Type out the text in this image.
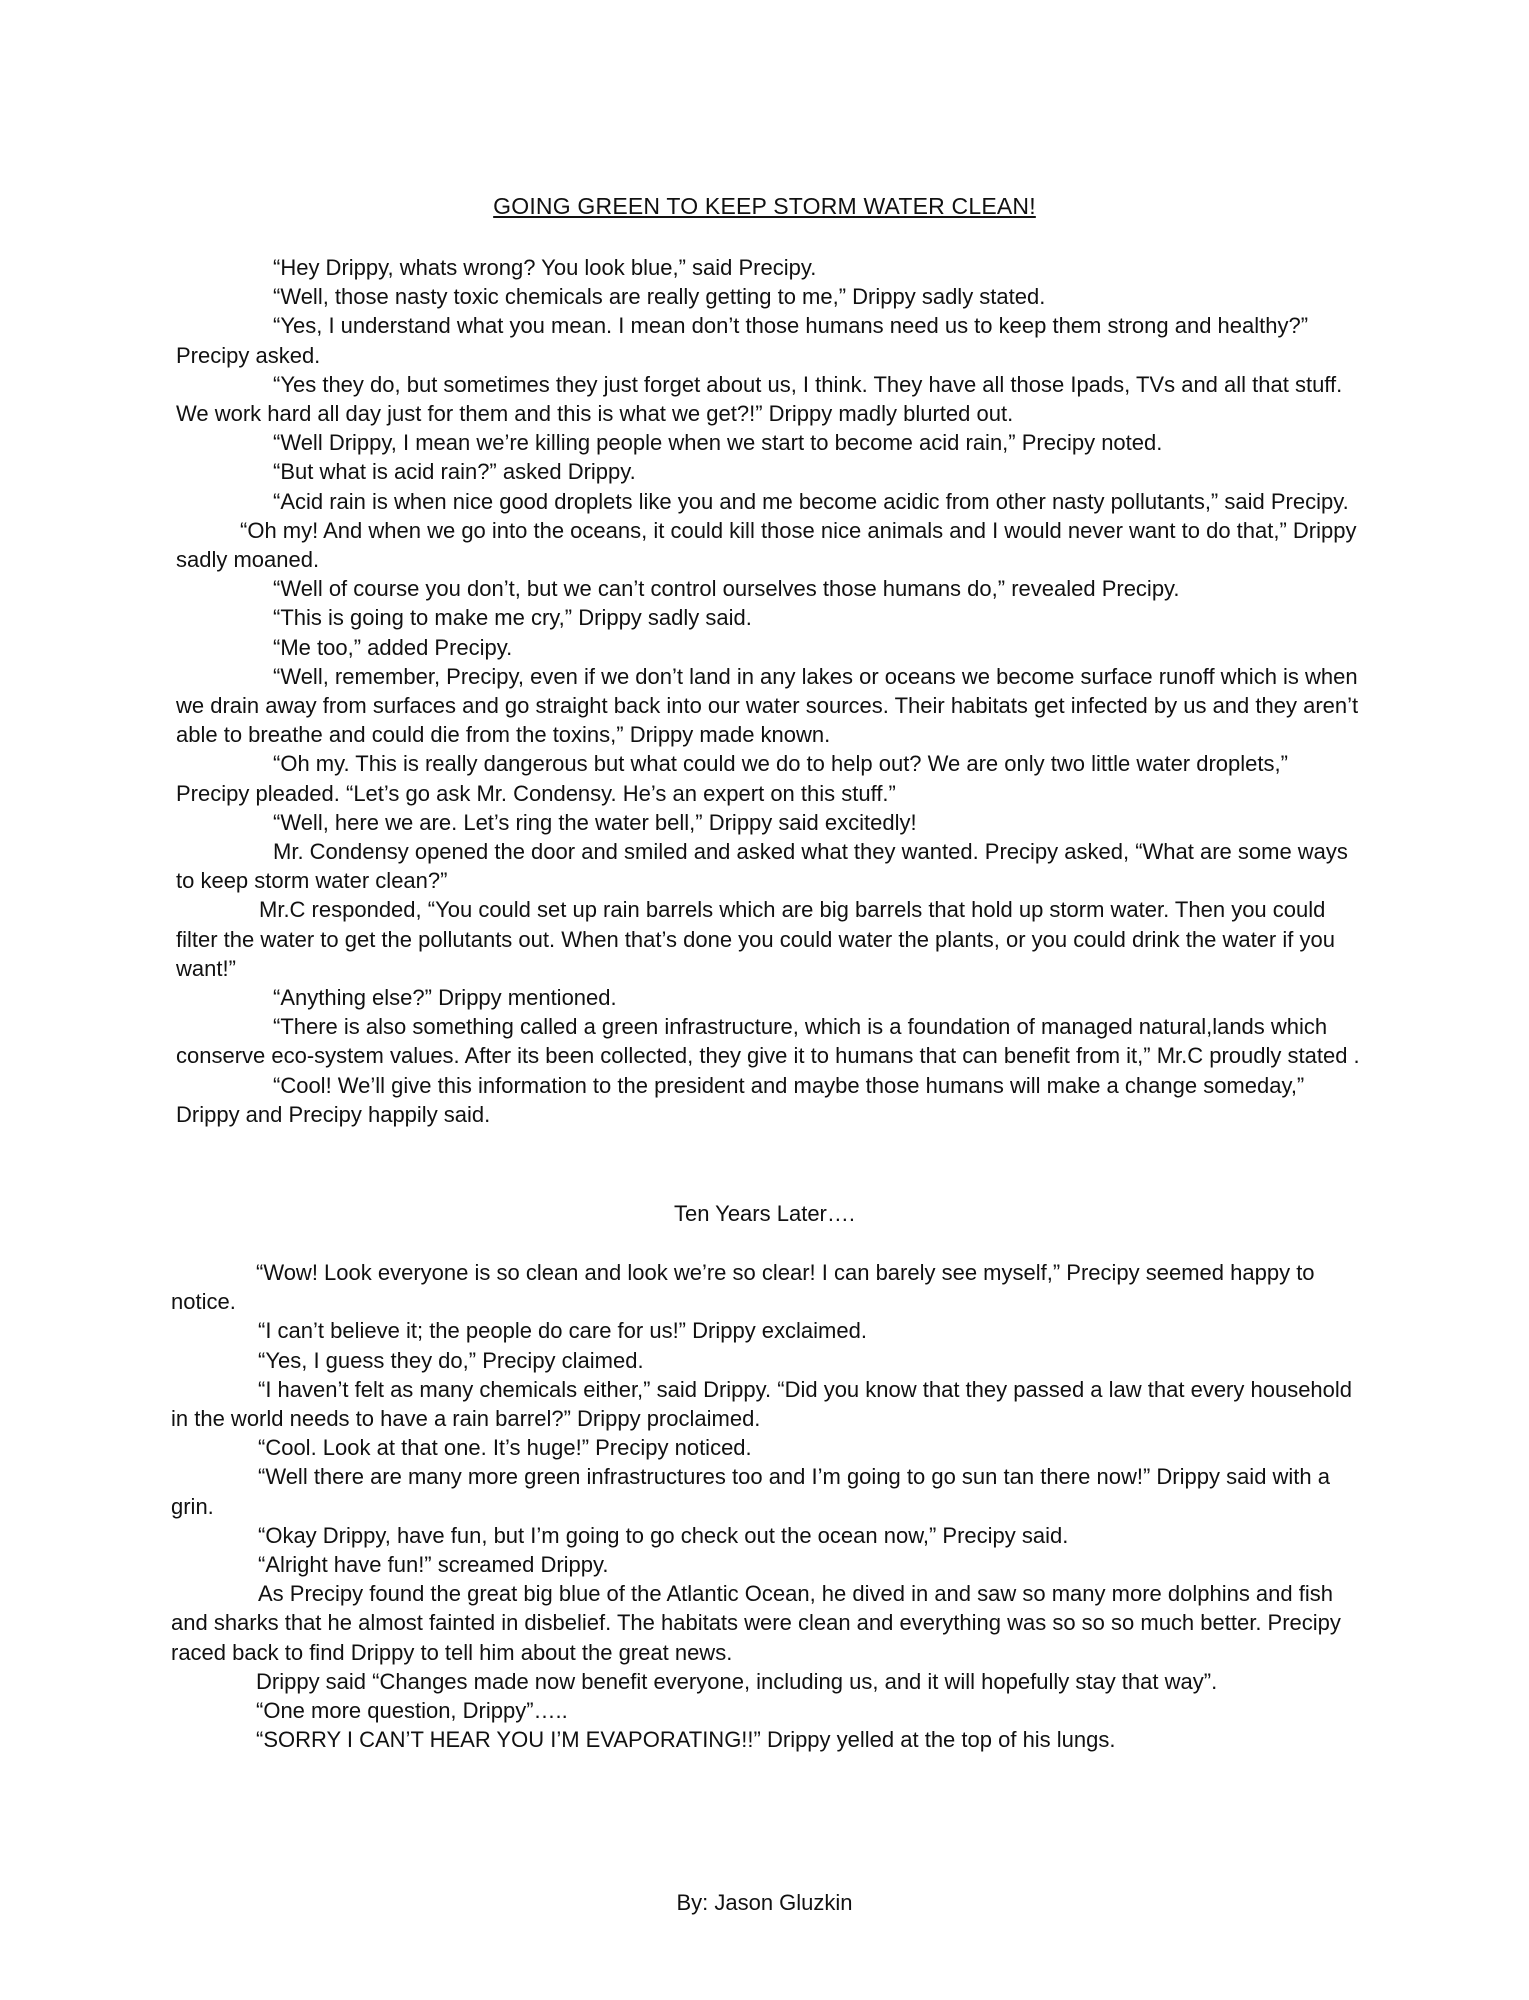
GOING GREEN TO KEEP STORM WATER CLEAN!

“Hey Drippy, whats wrong? You look blue,” said Precipy.

“Well, those nasty toxic chemicals are really getting to me,” Drippy sadly stated.

“Yes, I understand what you mean. I mean don’t those humans need us to keep them strong and healthy?” Precipy asked.

“Yes they do, but sometimes they just forget about us, I think. They have all those Ipads, TVs and all that stuff. We work hard all day just for them and this is what we get?!” Drippy madly blurted out.

“Well Drippy, I mean we’re killing people when we start to become acid rain,” Precipy noted.

“But what is acid rain?” asked Drippy.

“Acid rain is when nice good droplets like you and me become acidic from other nasty pollutants,” said Precipy.

“Oh my! And when we go into the oceans, it could kill those nice animals and I would never want to do that,” Drippy sadly moaned.

“Well of course you don’t, but we can’t control ourselves those humans do,” revealed Precipy.

“This is going to make me cry,” Drippy sadly said.

“Me too,” added Precipy.

“Well, remember, Precipy, even if we don’t land in any lakes or oceans we become surface runoff which is when we drain away from surfaces and go straight back into our water sources. Their habitats get infected by us and they aren’t able to breathe and could die from the toxins,” Drippy made known.

“Oh my. This is really dangerous but what could we do to help out? We are only two little water droplets,” Precipy pleaded. “Let’s go ask Mr. Condensy. He’s an expert on this stuff.”

“Well, here we are. Let’s ring the water bell,” Drippy said excitedly!

Mr. Condensy opened the door and smiled and asked what they wanted. Precipy asked, “What are some ways to keep storm water clean?”

Mr.C responded, “You could set up rain barrels which are big barrels that hold up storm water. Then you could filter the water to get the pollutants out. When that’s done you could water the plants, or you could drink the water if you want!”

“Anything else?” Drippy mentioned.

“There is also something called a green infrastructure, which is a foundation of managed natural,lands which conserve eco-system values. After its been collected, they give it to humans that can benefit from it,” Mr.C proudly stated .

“Cool! We’ll give this information to the president and maybe those humans will make a change someday,” Drippy and Precipy happily said.

Ten Years Later….

“Wow! Look everyone is so clean and look we’re so clear! I can barely see myself,” Precipy seemed happy to notice.

“I can’t believe it; the people do care for us!” Drippy exclaimed.

“Yes, I guess they do,” Precipy claimed.

“I haven’t felt as many chemicals either,” said Drippy. “Did you know that they passed a law that every household in the world needs to have a rain barrel?” Drippy proclaimed.

“Cool. Look at that one. It’s huge!” Precipy noticed.

“Well there are many more green infrastructures too and I’m going to go sun tan there now!” Drippy said with a grin.

“Okay Drippy, have fun, but I’m going to go check out the ocean now,” Precipy said.

“Alright have fun!” screamed Drippy.

As Precipy found the great big blue of the Atlantic Ocean, he dived in and saw so many more dolphins and fish and sharks that he almost fainted in disbelief. The habitats were clean and everything was so so so much better. Precipy raced back to find Drippy to tell him about the great news.

Drippy said “Changes made now benefit everyone, including us, and it will hopefully stay that way”.

“One more question, Drippy”…..

“SORRY I CAN’T HEAR YOU I’M EVAPORATING!!” Drippy yelled at the top of his lungs.

By: Jason Gluzkin
